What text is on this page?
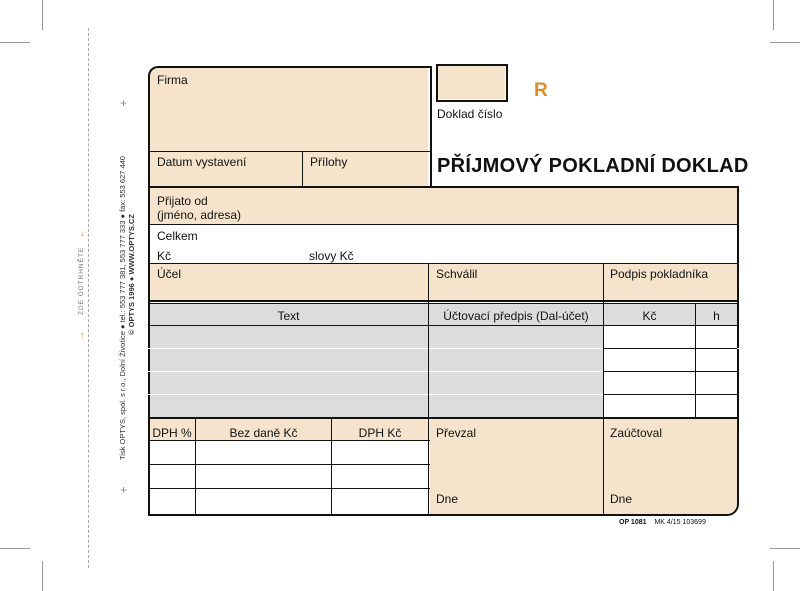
+
+
Tisk OPTYS, spol. s r.o., Dolní Životice ● tel.: 553 777 381, 553 777 333 ● fax: 553 627 440 © OPTYS 1996 ● WWW.OPTYS.CZ
ZDE ODTRHNĚTE
↓
↑
R
Doklad číslo
PŘÍJMOVÝ POKLADNÍ DOKLAD
Firma
Datum vystavení	Přílohy
Přijato od
(jméno, adresa)
Celkem
Kč	slovy Kč
Účel	Schválil	Podpis pokladníka
Text	Účtovací předpis (Dal-účet)	Kč	h
DPH %	Bez daně Kč	DPH Kč	Převzal	Zaúčtoval
Dne	Dne
OP 1081 MK 4/15 103699
